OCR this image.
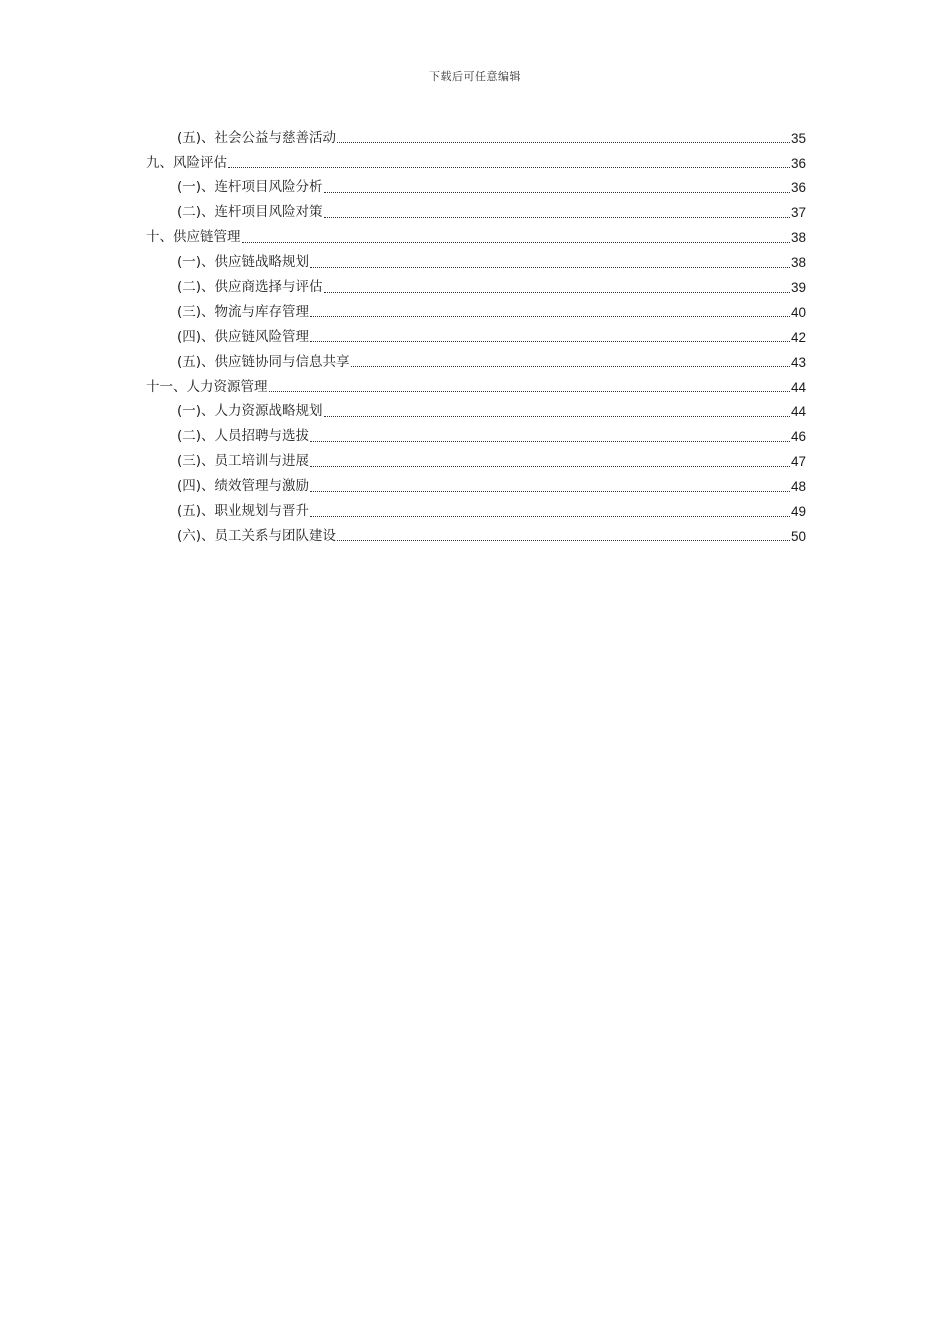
下载后可任意编辑
(五)、社会公益与慈善活动	35
九、风险评估	36
(一)、连杆项目风险分析	36
(二)、连杆项目风险对策	37
十、供应链管理	38
(一)、供应链战略规划	38
(二)、供应商选择与评估	39
(三)、物流与库存管理	40
(四)、供应链风险管理	42
(五)、供应链协同与信息共享	43
十一、人力资源管理	44
(一)、人力资源战略规划	44
(二)、人员招聘与选拔	46
(三)、员工培训与进展	47
(四)、绩效管理与激励	48
(五)、职业规划与晋升	49
(六)、员工关系与团队建设	50
